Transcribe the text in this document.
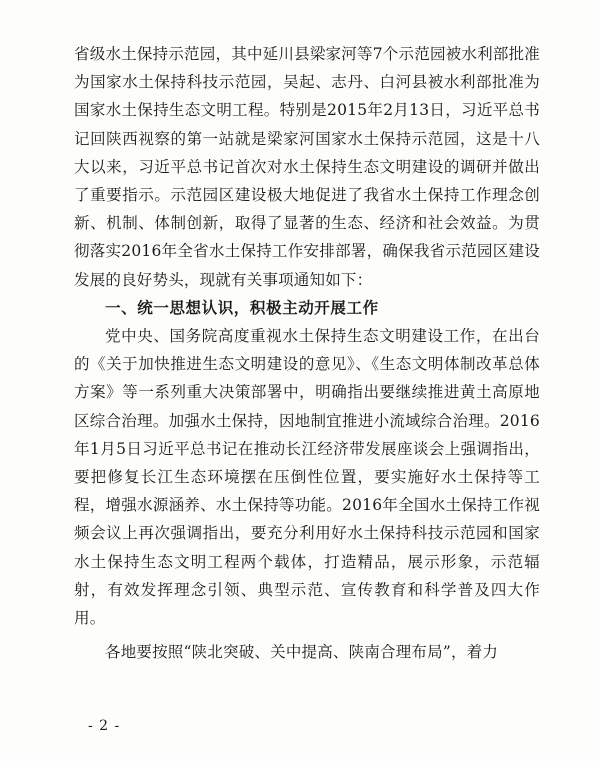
省级水土保持示范园，其中延川县梁家河等7个示范园被水利部批准为国家水土保持科技示范园，吴起、志丹、白河县被水利部批准为国家水土保持生态文明工程。特别是2015年2月13日，习近平总书记回陕西视察的第一站就是梁家河国家水土保持示范园，这是十八大以来，习近平总书记首次对水土保持生态文明建设的调研并做出了重要指示。示范园区建设极大地促进了我省水土保持工作理念创新、机制、体制创新，取得了显著的生态、经济和社会效益。为贯彻落实2016年全省水土保持工作安排部署，确保我省示范园区建设发展的良好势头，现就有关事项通知如下：

一、统一思想认识，积极主动开展工作

党中央、国务院高度重视水土保持生态文明建设工作，在出台的《关于加快推进生态文明建设的意见》、《生态文明体制改革总体方案》等一系列重大决策部署中，明确指出要继续推进黄土高原地区综合治理。加强水土保持，因地制宜推进小流域综合治理。2016年1月5日习近平总书记在推动长江经济带发展座谈会上强调指出，要把修复长江生态环境摆在压倒性位置，要实施好水土保持等工程，增强水源涵养、水土保持等功能。2016年全国水土保持工作视频会议上再次强调指出，要充分利用好水土保持科技示范园和国家水土保持生态文明工程两个载体，打造精品，展示形象，示范辐射，有效发挥理念引领、典型示范、宣传教育和科学普及四大作用。

各地要按照“陕北突破、关中提高、陕南合理布局”，着力

- 2 -
